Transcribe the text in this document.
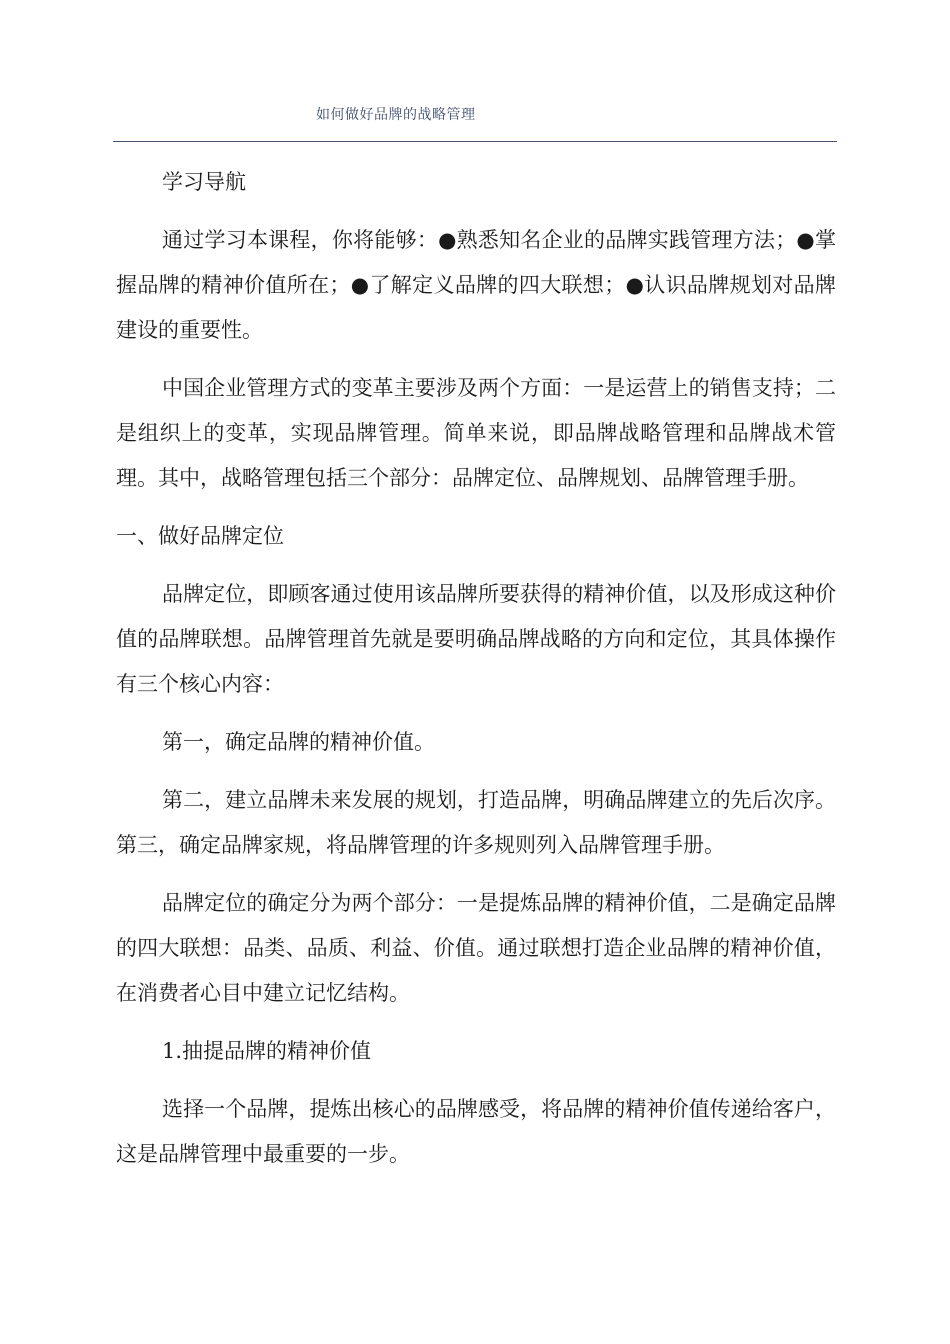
如何做好品牌的战略管理

学习导航

通过学习本课程，你将能够：●熟悉知名企业的品牌实践管理方法；●掌握品牌的精神价值所在；●了解定义品牌的四大联想；●认识品牌规划对品牌建设的重要性。

中国企业管理方式的变革主要涉及两个方面：一是运营上的销售支持；二是组织上的变革，实现品牌管理。简单来说，即品牌战略管理和品牌战术管理。其中，战略管理包括三个部分：品牌定位、品牌规划、品牌管理手册。

一、做好品牌定位

品牌定位，即顾客通过使用该品牌所要获得的精神价值，以及形成这种价值的品牌联想。品牌管理首先就是要明确品牌战略的方向和定位，其具体操作有三个核心内容：

第一，确定品牌的精神价值。

第二，建立品牌未来发展的规划，打造品牌，明确品牌建立的先后次序。第三，确定品牌家规，将品牌管理的许多规则列入品牌管理手册。

品牌定位的确定分为两个部分：一是提炼品牌的精神价值，二是确定品牌的四大联想：品类、品质、利益、价值。通过联想打造企业品牌的精神价值，在消费者心目中建立记忆结构。

1.抽提品牌的精神价值

选择一个品牌，提炼出核心的品牌感受，将品牌的精神价值传递给客户，这是品牌管理中最重要的一步。
